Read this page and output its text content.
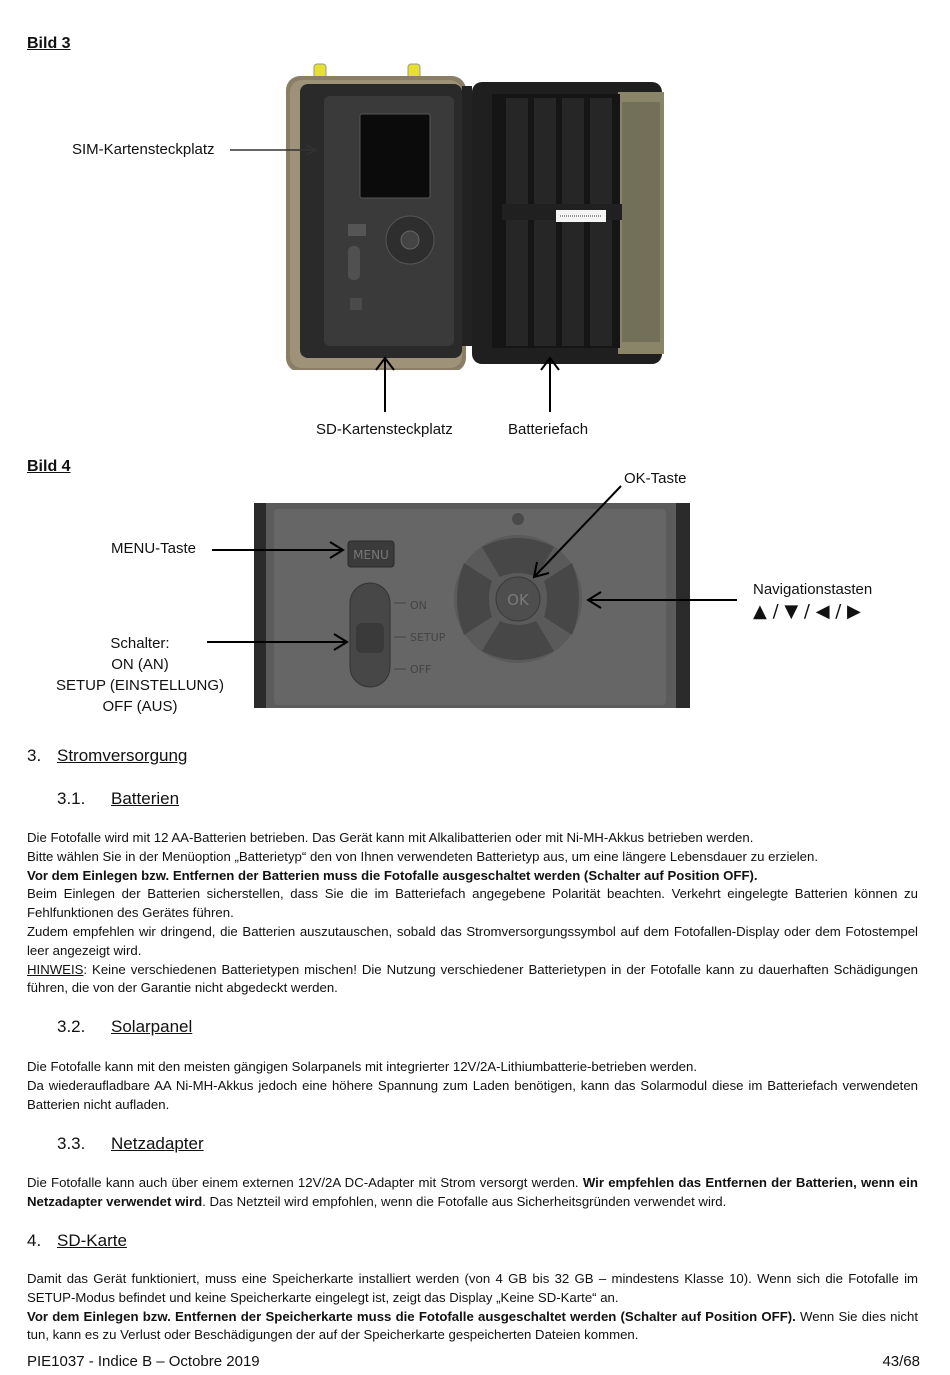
Bild 3
SIM-Kartensteckplatz
SD-Kartensteckplatz	Batteriefach
Bild 4
MENU
ON
SETUP
OFF
OK
OK-Taste
MENU-Taste
Navigationstasten
▲ / ▼ / ◀ / ▶
Schalter:
ON (AN)
SETUP (EINSTELLUNG)
OFF (AUS)
3. Stromversorgung
3.1. Batterien

Die Fotofalle wird mit 12 AA-Batterien betrieben. Das Gerät kann mit Alkalibatterien oder mit Ni-MH-Akkus betrieben werden.

Bitte wählen Sie in der Menüoption „Batterietyp“ den von Ihnen verwendeten Batterietyp aus, um eine längere Lebensdauer zu erzielen.

Vor dem Einlegen bzw. Entfernen der Batterien muss die Fotofalle ausgeschaltet werden (Schalter auf Position OFF).

Beim Einlegen der Batterien sicherstellen, dass Sie die im Batteriefach angegebene Polarität beachten. Verkehrt eingelegte Batterien können zu Fehlfunktionen des Gerätes führen.

Zudem empfehlen wir dringend, die Batterien auszutauschen, sobald das Stromversorgungssymbol auf dem Fotofallen-Display oder dem Fotostempel leer angezeigt wird.

HINWEIS: Keine verschiedenen Batterietypen mischen! Die Nutzung verschiedener Batterietypen in der Fotofalle kann zu dauerhaften Schädigungen führen, die von der Garantie nicht abgedeckt werden.

3.2. Solarpanel

Die Fotofalle kann mit den meisten gängigen Solarpanels mit integrierter 12V/2A-Lithiumbatterie-betrieben werden.

Da wiederaufladbare AA Ni-MH-Akkus jedoch eine höhere Spannung zum Laden benötigen, kann das Solarmodul diese im Batteriefach verwendeten Batterien nicht aufladen.

3.3. Netzadapter

Die Fotofalle kann auch über einem externen 12V/2A DC-Adapter mit Strom versorgt werden. Wir empfehlen das Entfernen der Batterien, wenn ein Netzadapter verwendet wird. Das Netzteil wird empfohlen, wenn die Fotofalle aus Sicherheitsgründen verwendet wird.

4. SD-Karte

Damit das Gerät funktioniert, muss eine Speicherkarte installiert werden (von 4 GB bis 32 GB – mindestens Klasse 10). Wenn sich die Fotofalle im SETUP-Modus befindet und keine Speicherkarte eingelegt ist, zeigt das Display „Keine SD-Karte“ an.

Vor dem Einlegen bzw. Entfernen der Speicherkarte muss die Fotofalle ausgeschaltet werden (Schalter auf Position OFF). Wenn Sie dies nicht tun, kann es zu Verlust oder Beschädigungen der auf der Speicherkarte gespeicherten Dateien kommen.

PIE1037 - Indice B – Octobre 2019	43/68
